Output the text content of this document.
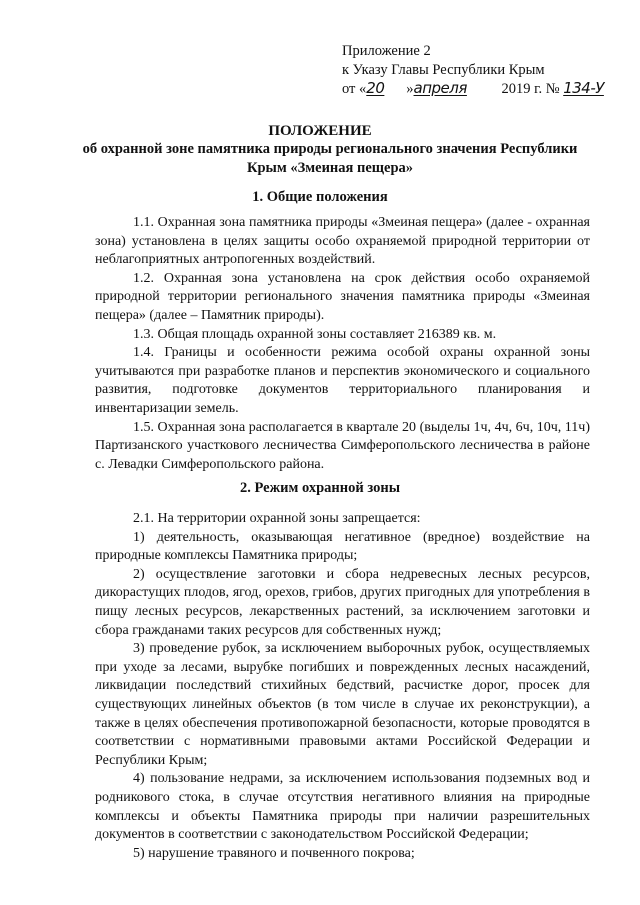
Приложение 2
к Указу Главы Республики Крым
от «20 »апреля 2019 г. № 134-У
ПОЛОЖЕНИЕ
об охранной зоне памятника природы регионального значения Республики Крым «Змеиная пещера»
1. Общие положения

1.1. Охранная зона памятника природы «Змеиная пещера» (далее - охранная зона) установлена в целях защиты особо охраняемой природной территории от неблагоприятных антропогенных воздействий.

1.2. Охранная зона установлена на срок действия особо охраняемой природной территории регионального значения памятника природы «Змеиная пещера» (далее – Памятник природы).

1.3. Общая площадь охранной зоны составляет 216389 кв. м.

1.4. Границы и особенности режима особой охраны охранной зоны учитываются при разработке планов и перспектив экономического и социального развития, подготовке документов территориального планирования и инвентаризации земель.

1.5. Охранная зона располагается в квартале 20 (выделы 1ч, 4ч, 6ч, 10ч, 11ч) Партизанского участкового лесничества Симферопольского лесничества в районе с. Левадки Симферопольского района.

2. Режим охранной зоны

2.1. На территории охранной зоны запрещается:

1) деятельность, оказывающая негативное (вредное) воздействие на природные комплексы Памятника природы;

2) осуществление заготовки и сбора недревесных лесных ресурсов, дикорастущих плодов, ягод, орехов, грибов, других пригодных для употребления в пищу лесных ресурсов, лекарственных растений, за исключением заготовки и сбора гражданами таких ресурсов для собственных нужд;

3) проведение рубок, за исключением выборочных рубок, осуществляемых при уходе за лесами, вырубке погибших и поврежденных лесных насаждений, ликвидации последствий стихийных бедствий, расчистке дорог, просек для существующих линейных объектов (в том числе в случае их реконструкции), а также в целях обеспечения противопожарной безопасности, которые проводятся в соответствии с нормативными правовыми актами Российской Федерации и Республики Крым;

4) пользование недрами, за исключением использования подземных вод и родникового стока, в случае отсутствия негативного влияния на природные комплексы и объекты Памятника природы при наличии разрешительных документов в соответствии с законодательством Российской Федерации;

5) нарушение травяного и почвенного покрова;
